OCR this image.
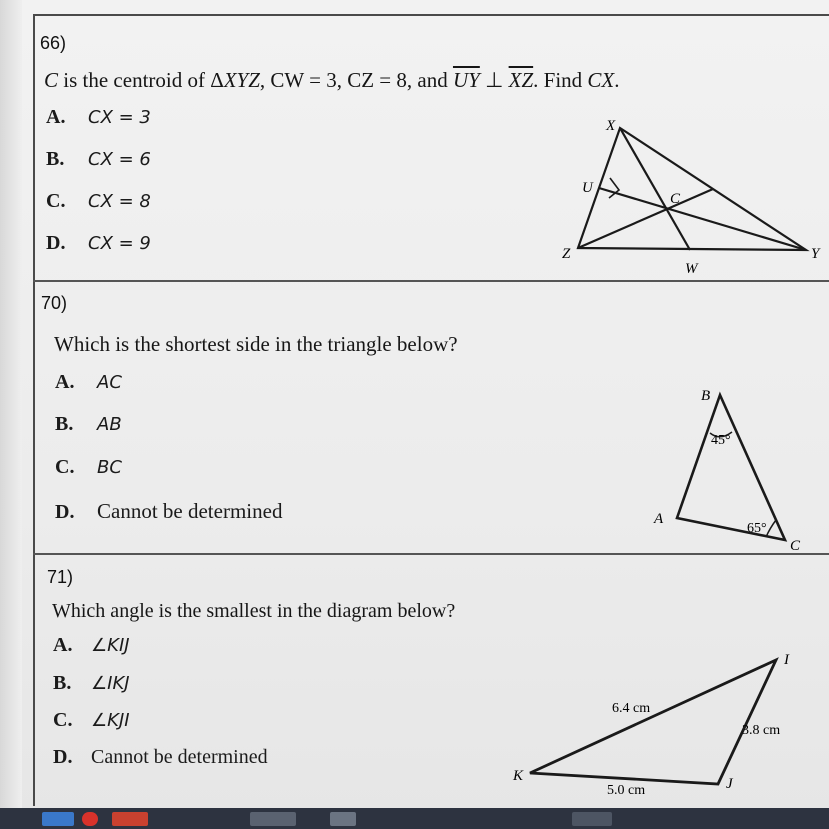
66)
C is the centroid of ΔXYZ, CW = 3, CZ = 8, and $\overline{UY}$ ⊥ $\overline{XZ}$. Find CX.
A. CX = 3
B. CX = 6
C. CX = 8
D. CX = 9
X
Y
Z
U
C
W
70)
Which is the shortest side in the triangle below?
A. AC
B. AB
C. BC
D. Cannot be determined
B
A
C
45°
65°
71)
Which angle is the smallest in the diagram below?
A. ∠KIJ
B. ∠IKJ
C. ∠KJI
D. Cannot be determined
K
I
J
6.4 cm
3.8 cm
5.0 cm
